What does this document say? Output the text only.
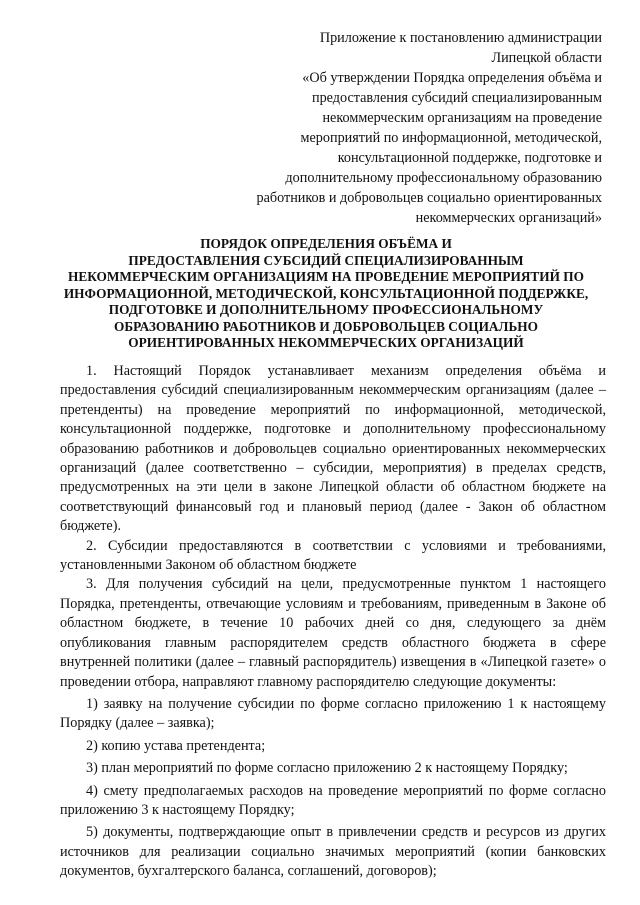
Приложение к постановлению администрации

Липецкой области

«Об утверждении Порядка определения объёма и предоставления субсидий специализированным некоммерческим организациям на проведение мероприятий по информационной, методической, консультационной поддержке, подготовке и дополнительному профессиональному образованию работников и добровольцев социально ориентированных некоммерческих организаций»

ПОРЯДОК ОПРЕДЕЛЕНИЯ ОБЪЁМА И

ПРЕДОСТАВЛЕНИЯ СУБСИДИЙ СПЕЦИАЛИЗИРОВАННЫМ НЕКОММЕРЧЕСКИМ ОРГАНИЗАЦИЯМ НА ПРОВЕДЕНИЕ МЕРОПРИЯТИЙ ПО ИНФОРМАЦИОННОЙ, МЕТОДИЧЕСКОЙ, КОНСУЛЬТАЦИОННОЙ ПОДДЕРЖКЕ, ПОДГОТОВКЕ И ДОПОЛНИТЕЛЬНОМУ ПРОФЕССИОНАЛЬНОМУ ОБРАЗОВАНИЮ РАБОТНИКОВ И ДОБРОВОЛЬЦЕВ СОЦИАЛЬНО ОРИЕНТИРОВАННЫХ НЕКОММЕРЧЕСКИХ ОРГАНИЗАЦИЙ

1. Настоящий Порядок устанавливает механизм определения объёма и предоставления субсидий специализированным некоммерческим организациям (далее – претенденты) на проведение мероприятий по информационной, методической, консультационной поддержке, подготовке и дополнительному профессиональному образованию работников и добровольцев социально ориентированных некоммерческих организаций (далее соответственно – субсидии, мероприятия) в пределах средств, предусмотренных на эти цели в законе Липецкой области об областном бюджете на соответствующий финансовый год и плановый период (далее - Закон об областном бюджете).

2. Субсидии предоставляются в соответствии с условиями и требованиями, установленными Законом об областном бюджете

3. Для получения субсидий на цели, предусмотренные пунктом 1 настоящего Порядка, претенденты, отвечающие условиям и требованиям, приведенным в Законе об областном бюджете, в течение 10 рабочих дней со дня, следующего за днём опубликования главным распорядителем средств областного бюджета в сфере внутренней политики (далее – главный распорядитель) извещения в «Липецкой газете» о проведении отбора, направляют главному распорядителю следующие документы:

1) заявку на получение субсидии по форме согласно приложению 1 к настоящему Порядку (далее – заявка);

2) копию устава претендента;

3) план мероприятий по форме согласно приложению 2 к настоящему Порядку;

4) смету предполагаемых расходов на проведение мероприятий по форме согласно приложению 3 к настоящему Порядку;

5) документы, подтверждающие опыт в привлечении средств и ресурсов из других источников для реализации социально значимых мероприятий (копии банковских документов, бухгалтерского баланса, соглашений, договоров);
